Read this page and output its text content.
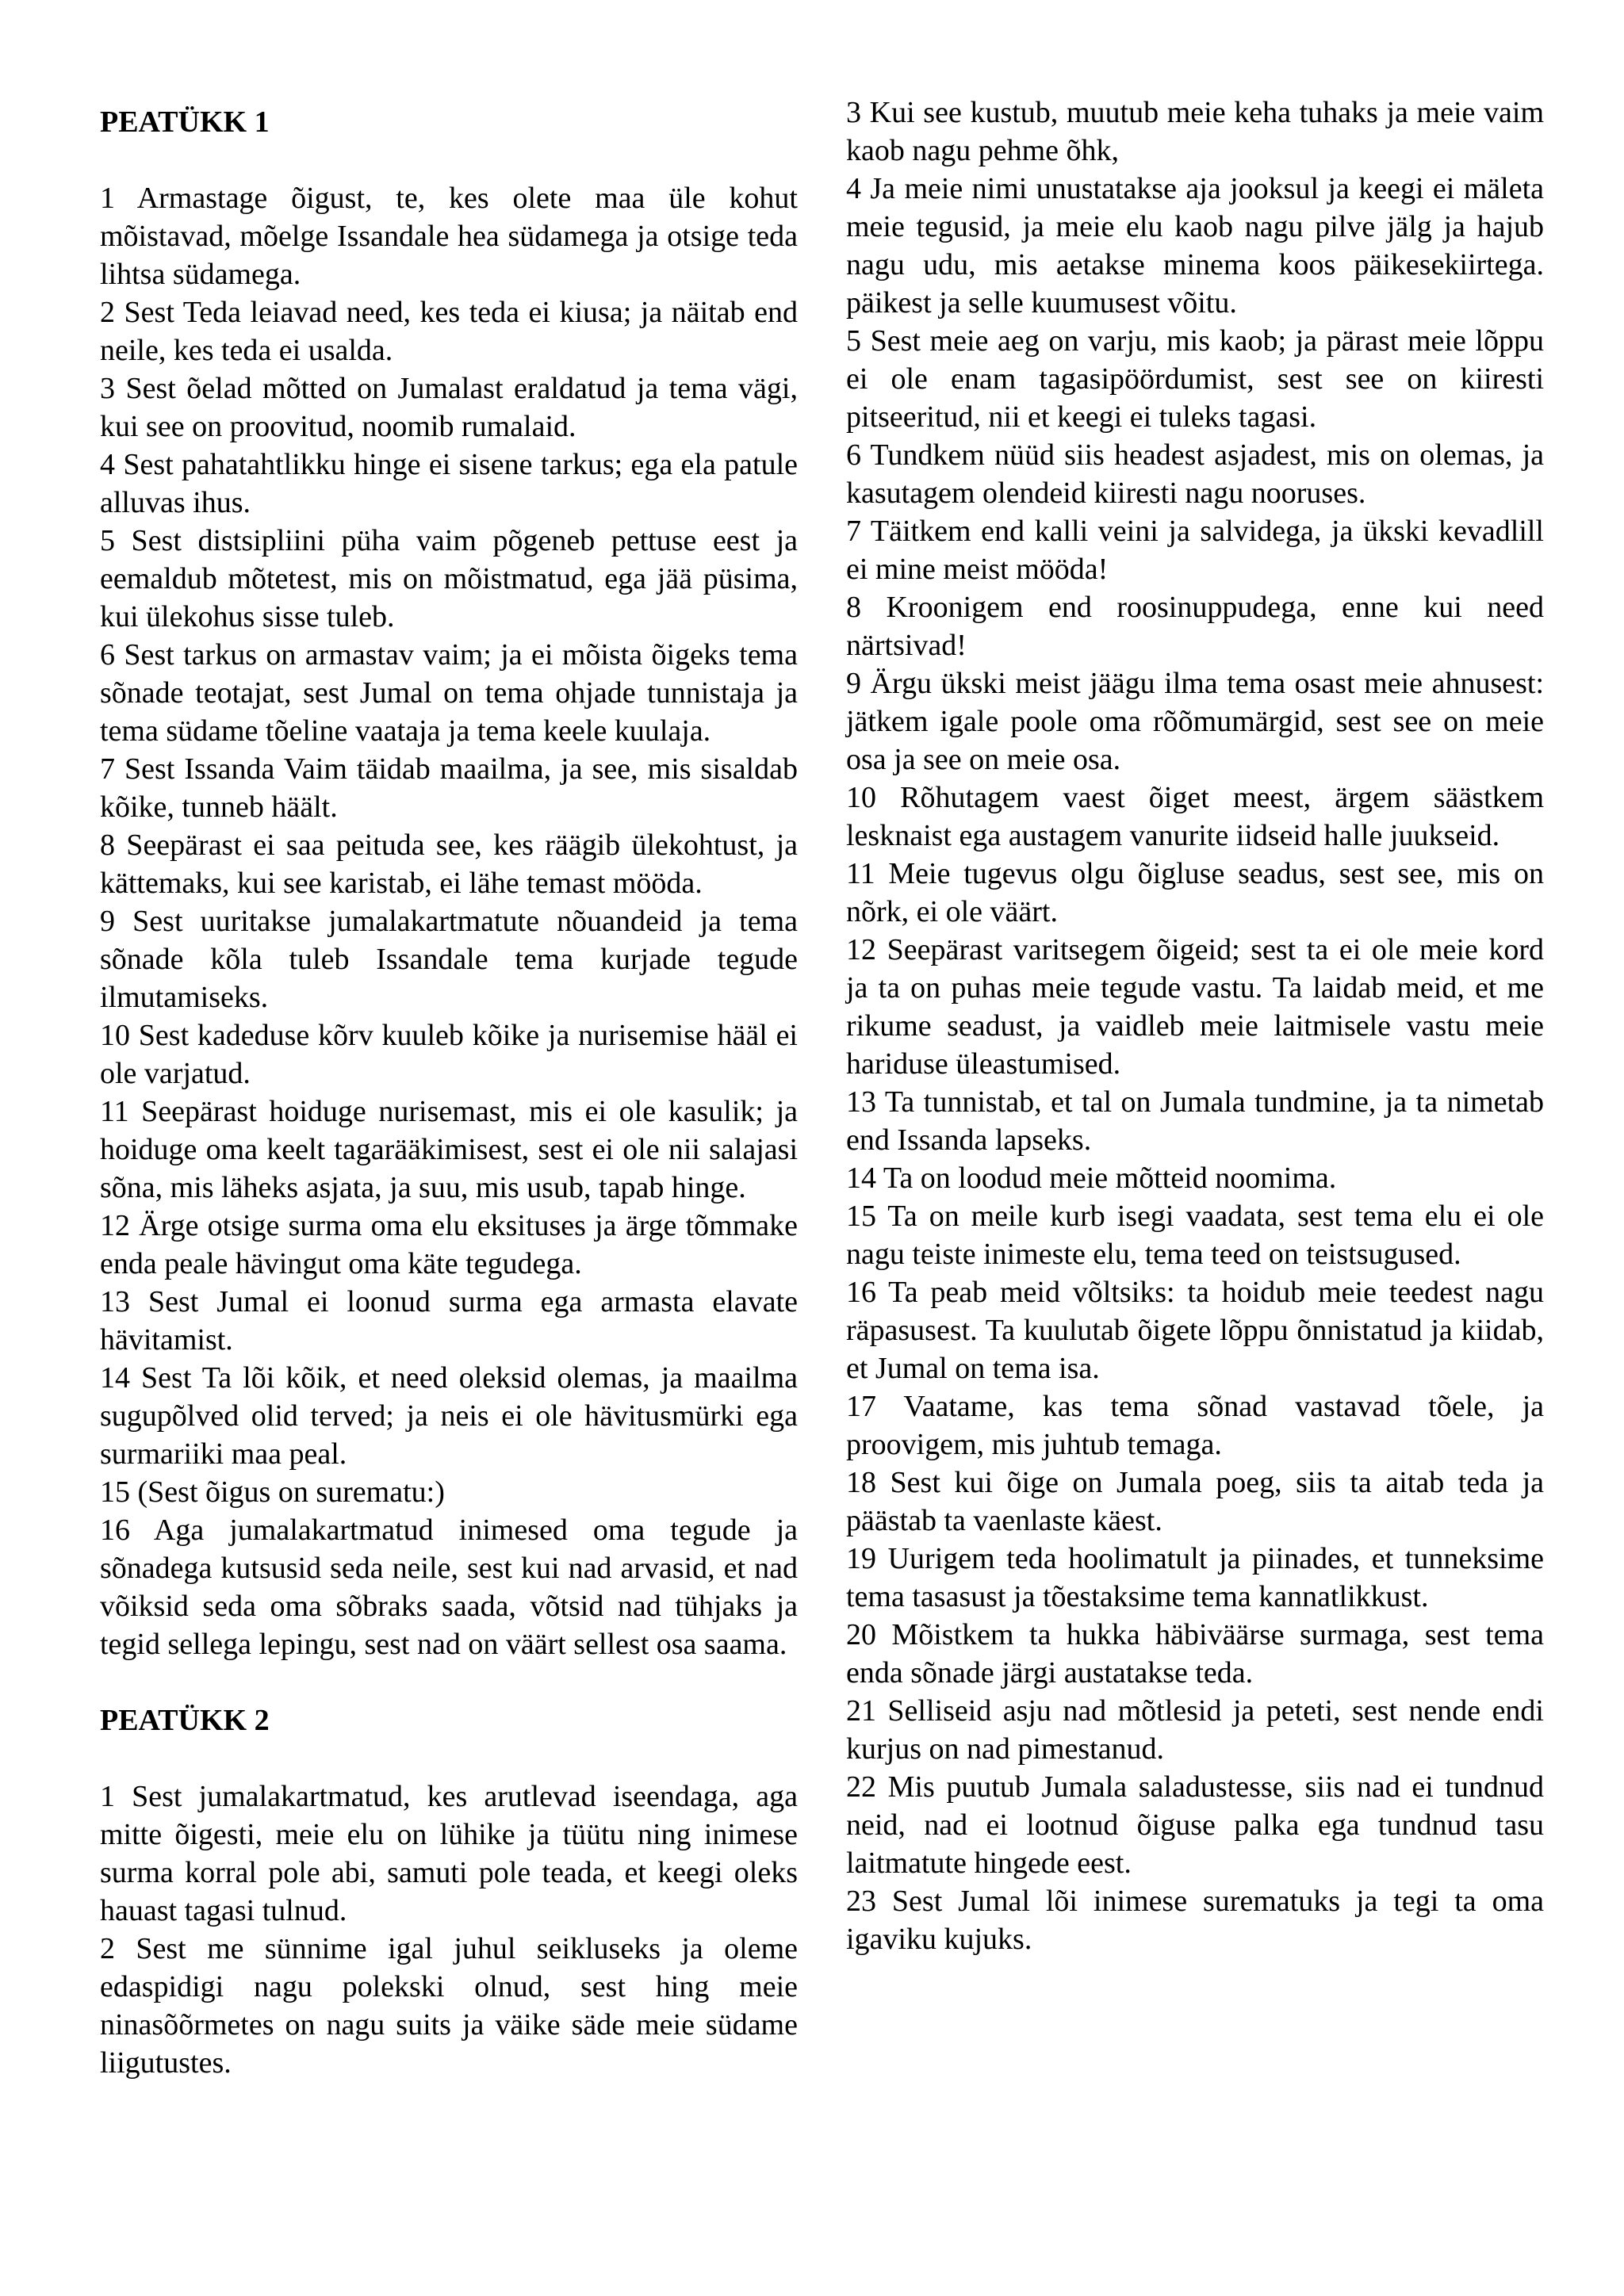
PEATÜKK 1

1 Armastage õigust, te, kes olete maa üle kohut mõistavad, mõelge Issandale hea südamega ja otsige teda lihtsa südamega.

2 Sest Teda leiavad need, kes teda ei kiusa; ja näitab end neile, kes teda ei usalda.

3 Sest õelad mõtted on Jumalast eraldatud ja tema vägi, kui see on proovitud, noomib rumalaid.

4 Sest pahatahtlikku hinge ei sisene tarkus; ega ela patule alluvas ihus.

5 Sest distsipliini püha vaim põgeneb pettuse eest ja eemaldub mõtetest, mis on mõistmatud, ega jää püsima, kui ülekohus sisse tuleb.

6 Sest tarkus on armastav vaim; ja ei mõista õigeks tema sõnade teotajat, sest Jumal on tema ohjade tunnistaja ja tema südame tõeline vaataja ja tema keele kuulaja.

7 Sest Issanda Vaim täidab maailma, ja see, mis sisaldab kõike, tunneb häält.

8 Seepärast ei saa peituda see, kes räägib ülekohtust, ja kättemaks, kui see karistab, ei lähe temast mööda.

9 Sest uuritakse jumalakartmatute nõuandeid ja tema sõnade kõla tuleb Issandale tema kurjade tegude ilmutamiseks.

10 Sest kadeduse kõrv kuuleb kõike ja nurisemise hääl ei ole varjatud.

11 Seepärast hoiduge nurisemast, mis ei ole kasulik; ja hoiduge oma keelt tagarääkimisest, sest ei ole nii salajasi sõna, mis läheks asjata, ja suu, mis usub, tapab hinge.

12 Ärge otsige surma oma elu eksituses ja ärge tõmmake enda peale hävingut oma käte tegudega.

13 Sest Jumal ei loonud surma ega armasta elavate hävitamist.

14 Sest Ta lõi kõik, et need oleksid olemas, ja maailma sugupõlved olid terved; ja neis ei ole hävitusmürki ega surmariiki maa peal.

15 (Sest õigus on surematu:)

16 Aga jumalakartmatud inimesed oma tegude ja sõnadega kutsusid seda neile, sest kui nad arvasid, et nad võiksid seda oma sõbraks saada, võtsid nad tühjaks ja tegid sellega lepingu, sest nad on väärt sellest osa saama.

PEATÜKK 2

1 Sest jumalakartmatud, kes arutlevad iseendaga, aga mitte õigesti, meie elu on lühike ja tüütu ning inimese surma korral pole abi, samuti pole teada, et keegi oleks hauast tagasi tulnud.

2 Sest me sünnime igal juhul seikluseks ja oleme edaspidigi nagu polekski olnud, sest hing meie ninasõõrmetes on nagu suits ja väike säde meie südame liigutustes.

3 Kui see kustub, muutub meie keha tuhaks ja meie vaim kaob nagu pehme õhk,

4 Ja meie nimi unustatakse aja jooksul ja keegi ei mäleta meie tegusid, ja meie elu kaob nagu pilve jälg ja hajub nagu udu, mis aetakse minema koos päikesekiirtega. päikest ja selle kuumusest võitu.

5 Sest meie aeg on varju, mis kaob; ja pärast meie lõppu ei ole enam tagasipöördumist, sest see on kiiresti pitseeritud, nii et keegi ei tuleks tagasi.

6 Tundkem nüüd siis headest asjadest, mis on olemas, ja kasutagem olendeid kiiresti nagu nooruses.

7 Täitkem end kalli veini ja salvidega, ja ükski kevadlill ei mine meist mööda!

8 Kroonigem end roosinuppudega, enne kui need närtsivad!

9 Ärgu ükski meist jäägu ilma tema osast meie ahnusest: jätkem igale poole oma rõõmumärgid, sest see on meie osa ja see on meie osa.

10 Rõhutagem vaest õiget meest, ärgem säästkem lesknaist ega austagem vanurite iidseid halle juukseid.

11 Meie tugevus olgu õigluse seadus, sest see, mis on nõrk, ei ole väärt.

12 Seepärast varitsegem õigeid; sest ta ei ole meie kord ja ta on puhas meie tegude vastu. Ta laidab meid, et me rikume seadust, ja vaidleb meie laitmisele vastu meie hariduse üleastumised.

13 Ta tunnistab, et tal on Jumala tundmine, ja ta nimetab end Issanda lapseks.

14 Ta on loodud meie mõtteid noomima.

15 Ta on meile kurb isegi vaadata, sest tema elu ei ole nagu teiste inimeste elu, tema teed on teistsugused.

16 Ta peab meid võltsiks: ta hoidub meie teedest nagu räpasusest. Ta kuulutab õigete lõppu õnnistatud ja kiidab, et Jumal on tema isa.

17 Vaatame, kas tema sõnad vastavad tõele, ja proovigem, mis juhtub temaga.

18 Sest kui õige on Jumala poeg, siis ta aitab teda ja päästab ta vaenlaste käest.

19 Uurigem teda hoolimatult ja piinades, et tunneksime tema tasasust ja tõestaksime tema kannatlikkust.

20 Mõistkem ta hukka häbiväärse surmaga, sest tema enda sõnade järgi austatakse teda.

21 Selliseid asju nad mõtlesid ja peteti, sest nende endi kurjus on nad pimestanud.

22 Mis puutub Jumala saladustesse, siis nad ei tundnud neid, nad ei lootnud õiguse palka ega tundnud tasu laitmatute hingede eest.

23 Sest Jumal lõi inimese surematuks ja tegi ta oma igaviku kujuks.
